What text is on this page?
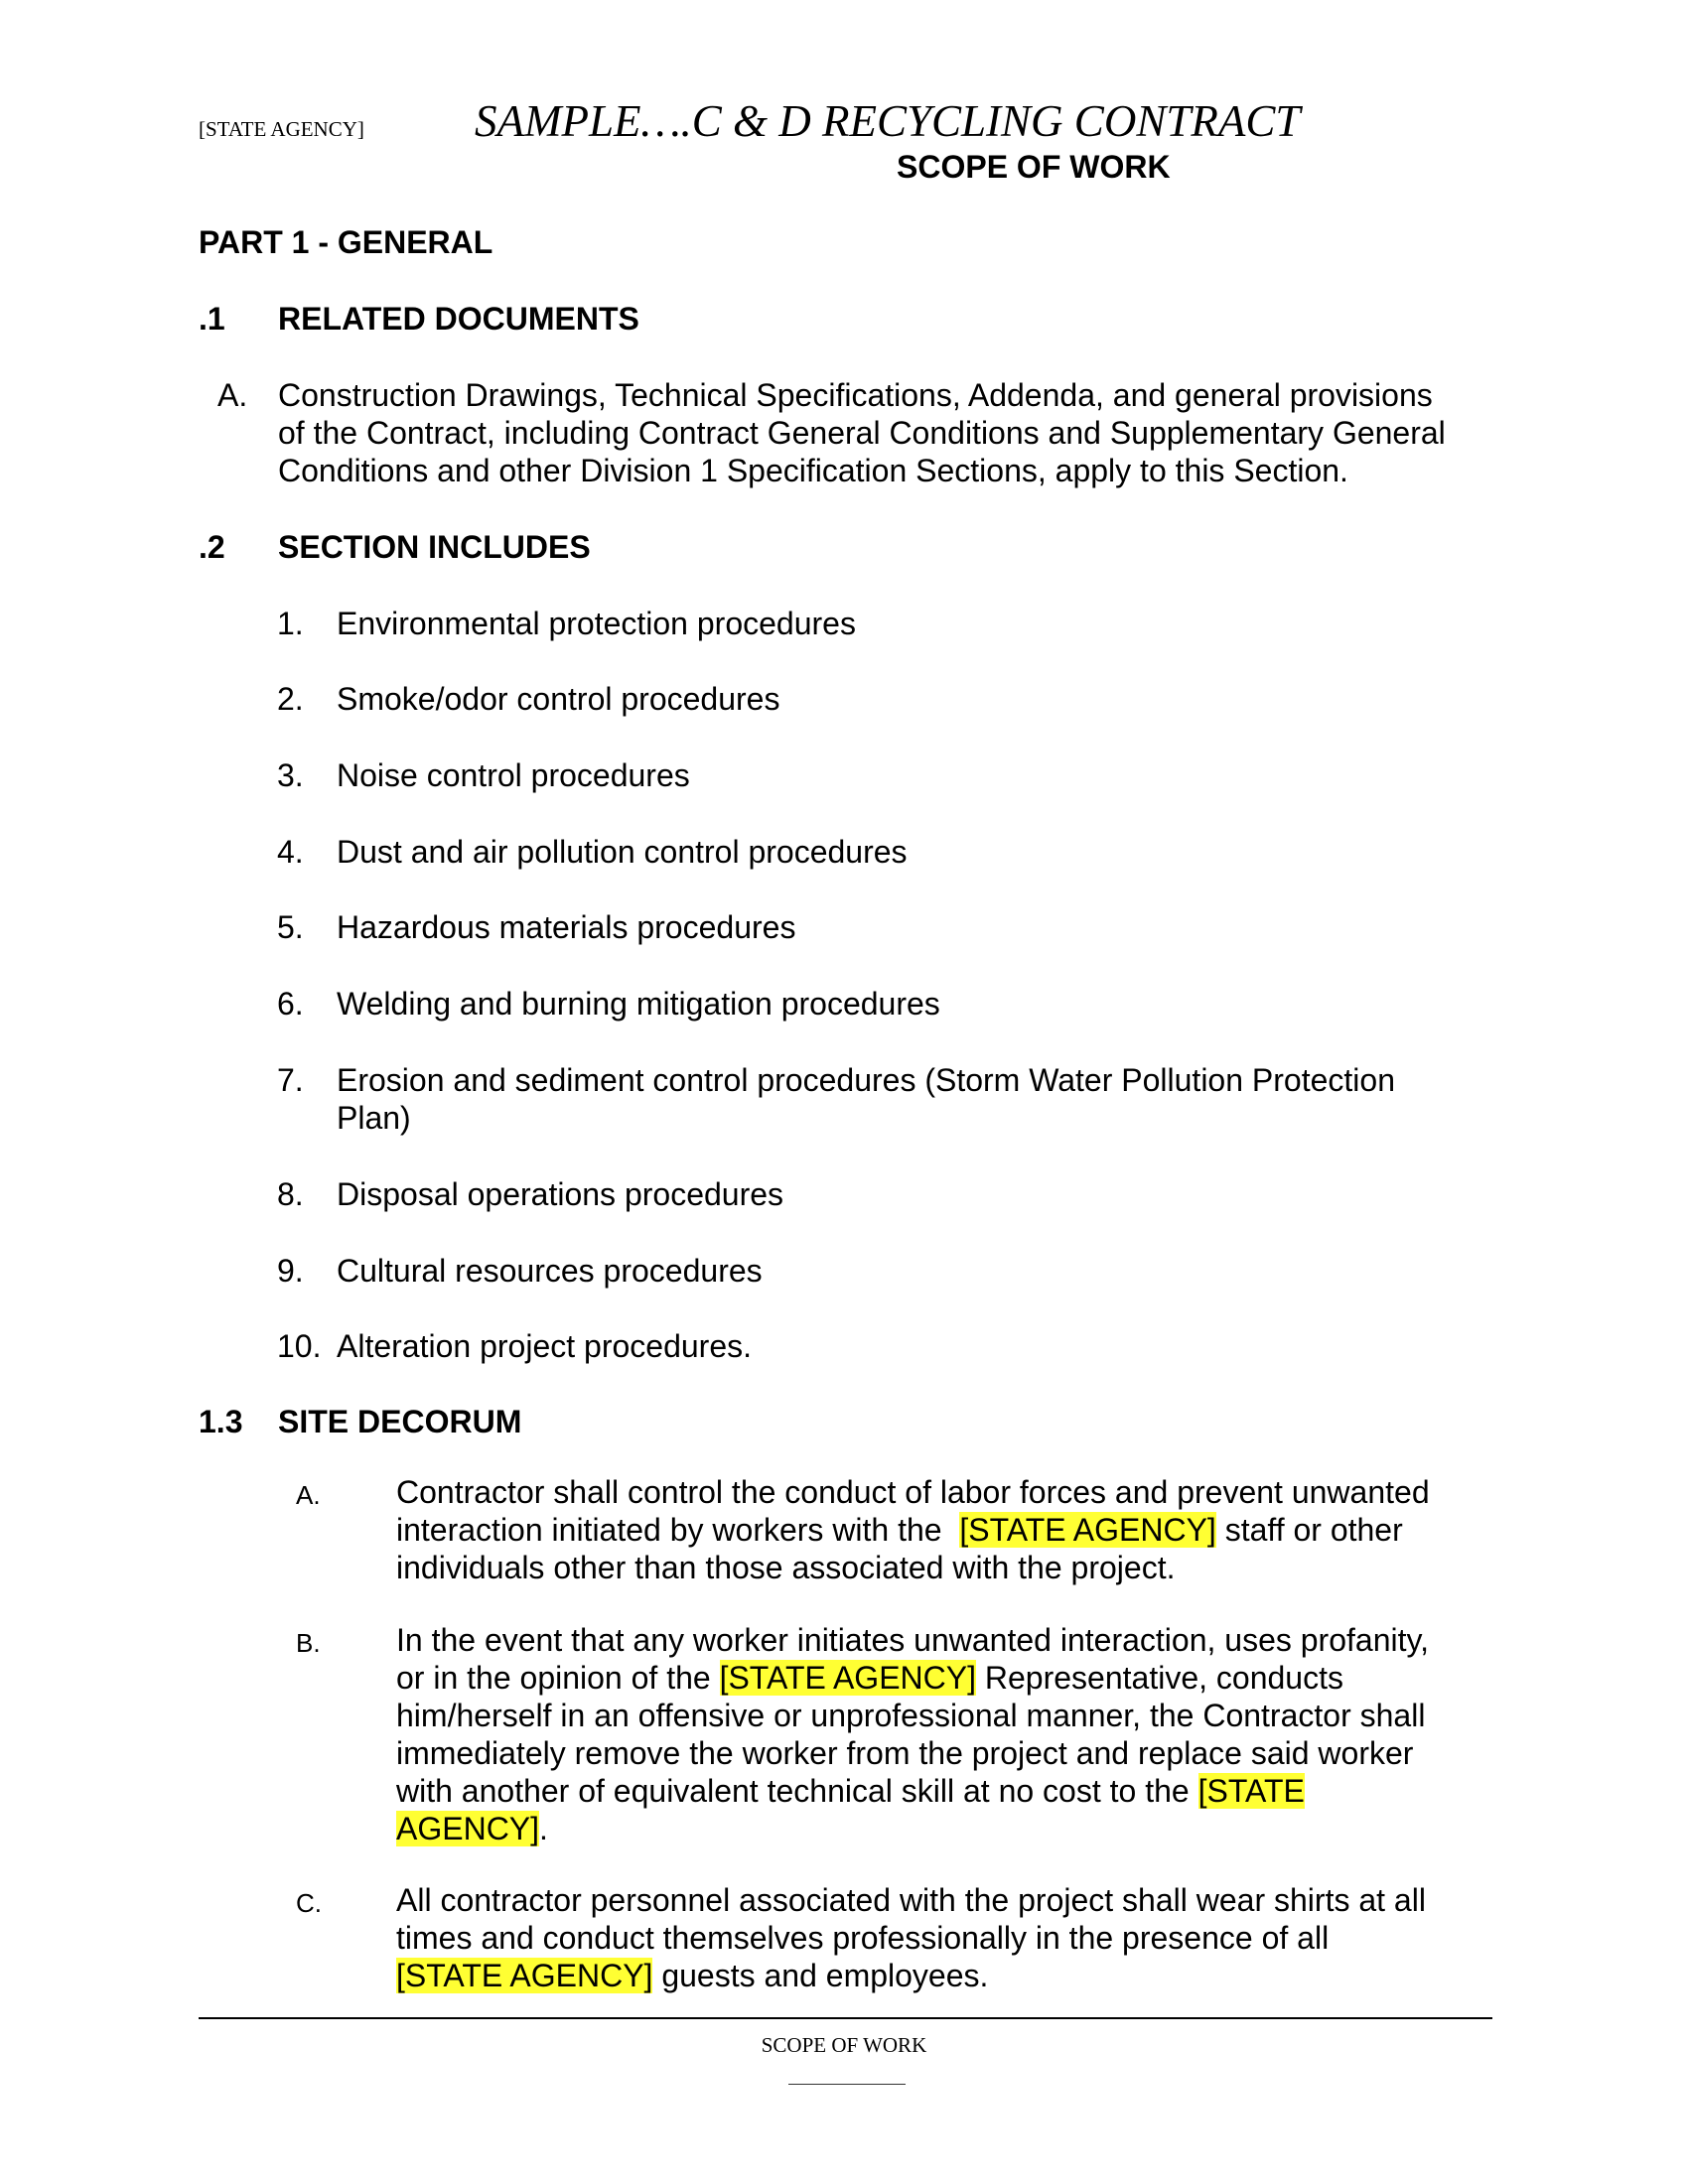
[STATE AGENCY] SAMPLE….C & D RECYCLING CONTRACT
SCOPE OF WORK
PART 1 - GENERAL
.1 RELATED DOCUMENTS
A. Construction Drawings, Technical Specifications, Addenda, and general provisions
of the Contract, including Contract General Conditions and Supplementary General
Conditions and other Division 1 Specification Sections, apply to this Section.
.2 SECTION INCLUDES
1. Environmental protection procedures
2. Smoke/odor control procedures
3. Noise control procedures
4. Dust and air pollution control procedures
5. Hazardous materials procedures
6. Welding and burning mitigation procedures
7. Erosion and sediment control procedures (Storm Water Pollution Protection
Plan)
8. Disposal operations procedures
9. Cultural resources procedures
10. Alteration project procedures.
1.3 SITE DECORUM
A. Contractor shall control the conduct of labor forces and prevent unwanted
interaction initiated by workers with the [STATE AGENCY] staff or other
individuals other than those associated with the project.
B. In the event that any worker initiates unwanted interaction, uses profanity,
or in the opinion of the [STATE AGENCY] Representative, conducts
him/herself in an offensive or unprofessional manner, the Contractor shall
immediately remove the worker from the project and replace said worker
with another of equivalent technical skill at no cost to the [STATE
AGENCY].
C. All contractor personnel associated with the project shall wear shirts at all
times and conduct themselves professionally in the presence of all
[STATE AGENCY] guests and employees.
SCOPE OF WORK
